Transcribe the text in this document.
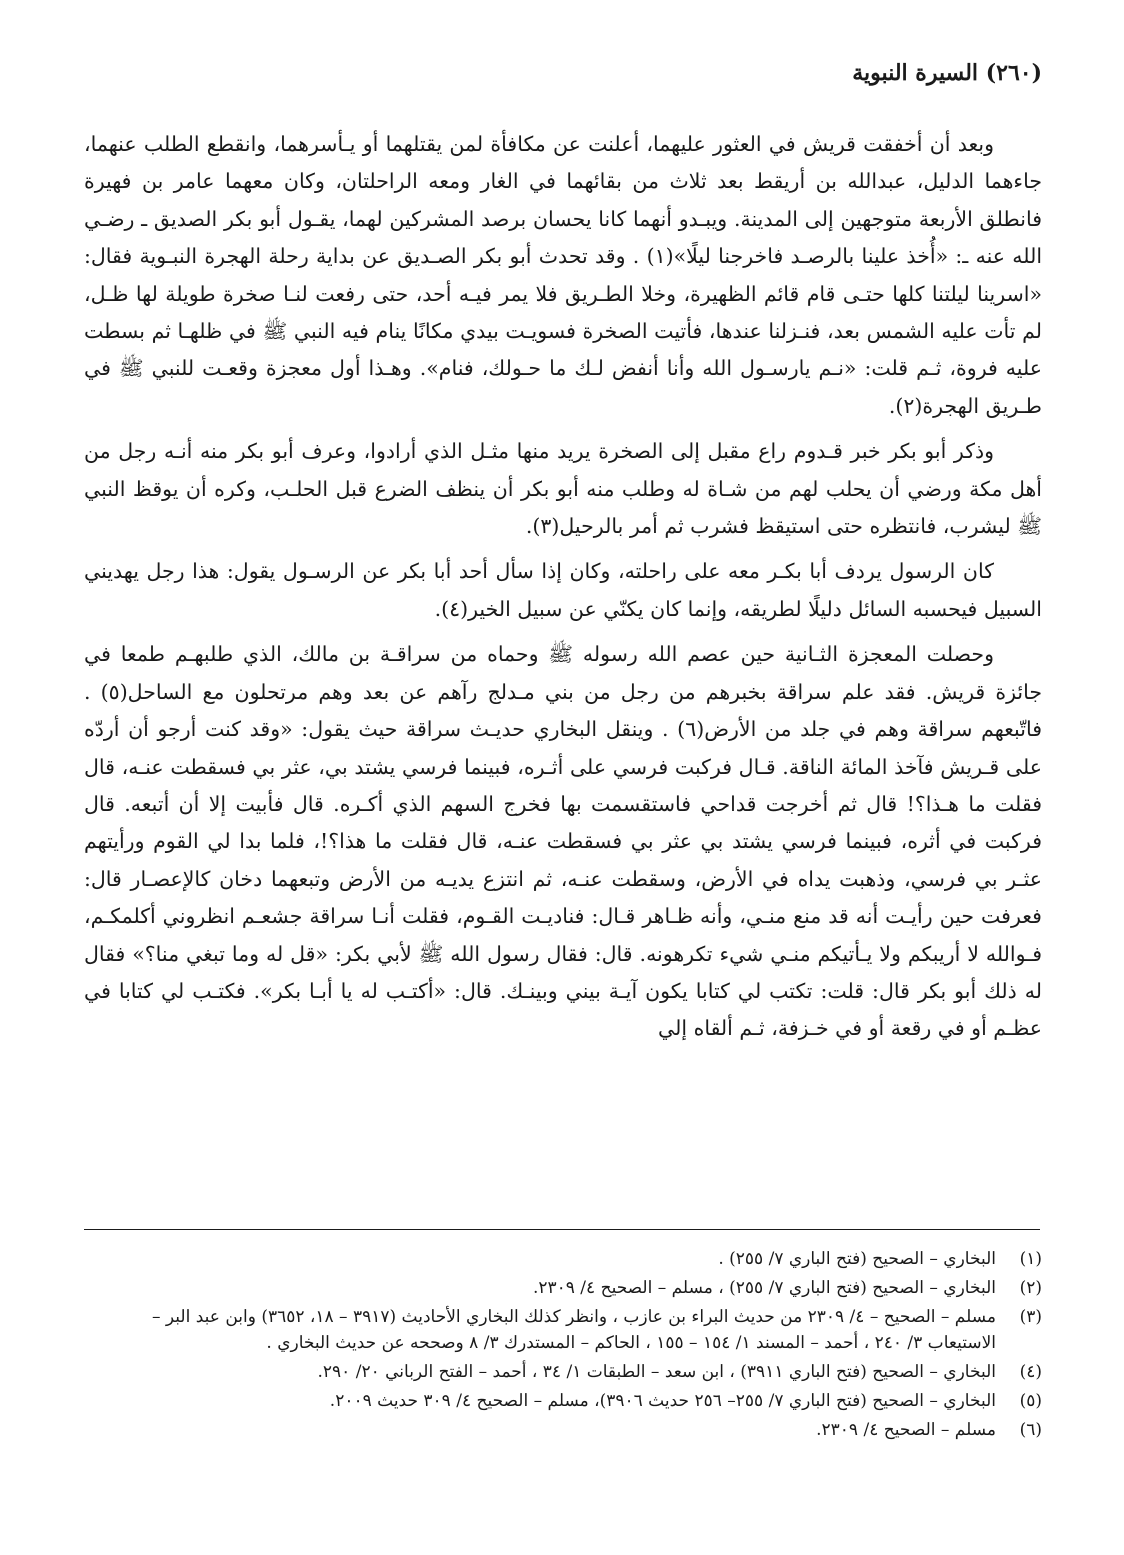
(٢٦٠) السيرة النبوية

وبعد أن أخفقت قريش في العثور عليهما، أعلنت عن مكافأة لمن يقتلهما أو يـأسرهما، وانقطع الطلب عنهما، جاءهما الدليل، عبدالله بن أريقط بعد ثلاث من بقائهما في الغار ومعه الراحلتان، وكان معهما عامر بن فهيرة فانطلق الأربعة متوجهين إلى المدينة. ويبـدو أنهما كانا يحسان برصد المشركين لهما، يقـول أبو بكر الصديق ـ رضـي الله عنه ـ: «أُخذ علينا بالرصـد فاخرجنا ليلًا»(١) . وقد تحدث أبو بكر الصـديق عن بداية رحلة الهجرة النبـوية فقال: «اسرينا ليلتنا كلها حتـى قام قائم الظهيرة، وخلا الطـريق فلا يمر فيـه أحد، حتى رفعت لنـا صخرة طويلة لها ظـل، لم تأت عليه الشمس بعد، فنـزلنا عندها، فأتيت الصخرة فسويـت بيدي مكانًا ينام فيه النبي ﷺ في ظلهـا ثم بسطت عليه فروة، ثـم قلت: «نـم يارسـول الله وأنا أنفض لـك ما حـولك، فنام». وهـذا أول معجزة وقعـت للنبي ﷺ في طـريق الهجرة(٢).

وذكر أبو بكر خبر قـدوم راع مقبل إلى الصخرة يريد منها مثـل الذي أرادوا، وعرف أبو بكر منه أنـه رجل من أهل مكة ورضي أن يحلب لهم من شـاة له وطلب منه أبو بكر أن ينظف الضرع قبل الحلـب، وكره أن يوقظ النبي ﷺ ليشرب، فانتظره حتى استيقظ فشرب ثم أمر بالرحيل(٣).

كان الرسول يردف أبا بكـر معه على راحلته، وكان إذا سأل أحد أبا بكر عن الرسـول يقول: هذا رجل يهديني السبيل فيحسبه السائل دليلًا لطريقه، وإنما كان يكنّي عن سبيل الخير(٤).

وحصلت المعجزة الثـانية حين عصم الله رسوله ﷺ وحماه من سراقـة بن مالك، الذي طلبهـم طمعا في جائزة قريش. فقد علم سراقة بخبرهم من رجل من بني مـدلج رآهم عن بعد وهم مرتحلون مع الساحل(٥) . فاتّبعهم سراقة وهم في جلد من الأرض(٦) . وينقل البخاري حديـث سراقة حيث يقول: «وقد كنت أرجو أن أردّه على قـريش فآخذ المائة الناقة. قـال فركبت فرسي على أثـره، فبينما فرسي يشتد بي، عثر بي فسقطت عنـه، قال فقلت ما هـذا؟! قال ثم أخرجت قداحي فاستقسمت بها فخرج السهم الذي أكـره. قال فأبيت إلا أن أتبعه. قال فركبت في أثره، فبينما فرسي يشتد بي عثر بي فسقطت عنـه، قال فقلت ما هذا؟!، فلما بدا لي القوم ورأيتهم عثـر بي فرسي، وذهبت يداه في الأرض، وسقطت عنـه، ثم انتزع يديـه من الأرض وتبعهما دخان كالإعصـار قال: فعرفت حين رأيـت أنه قد منع منـي، وأنه ظـاهر قـال: فناديـت القـوم، فقلت أنـا سراقة جشعـم انظروني أكلمكـم، فـوالله لا أريبكم ولا يـأتيكم منـي شيء تكرهونه. قال: فقال رسول الله ﷺ لأبي بكر: «قل له وما تبغي منا؟» فقال له ذلك أبو بكر قال: قلت: تكتب لي كتابا يكون آيـة بيني وبينـك. قال: «أكتـب له يا أبـا بكر». فكتـب لي كتابا في عظـم أو في رقعة أو في خـزفة، ثـم ألقاه إلي

(١)
البخاري – الصحيح (فتح الباري ٧/ ٢٥٥) .
(٢)
البخاري – الصحيح (فتح الباري ٧/ ٢٥٥) ، مسلم – الصحيح ٤/ ٢٣٠٩.
(٣)
مسلم – الصحيح – ٤/ ٢٣٠٩ من حديث البراء بن عازب ، وانظر كذلك البخاري الأحاديث (٣٩١٧ – ١٨، ٣٦٥٢) وابن عبد البر – الاستيعاب ٣/ ٢٤٠ ، أحمد – المسند ١/ ١٥٤ – ١٥٥ ، الحاكم – المستدرك ٣/ ٨ وصححه عن حديث البخاري .
(٤)
البخاري – الصحيح (فتح الباري ٣٩١١) ، ابن سعد – الطبقات ١/ ٣٤ ، أحمد – الفتح الرباني ٢٠/ ٢٩٠.
(٥)
البخاري – الصحيح (فتح الباري ٧/ ٢٥٥– ٢٥٦ حديث ٣٩٠٦)، مسلم – الصحيح ٤/ ٣٠٩ حديث ٢٠٠٩.
(٦)
مسلم – الصحيح ٤/ ٢٣٠٩.
